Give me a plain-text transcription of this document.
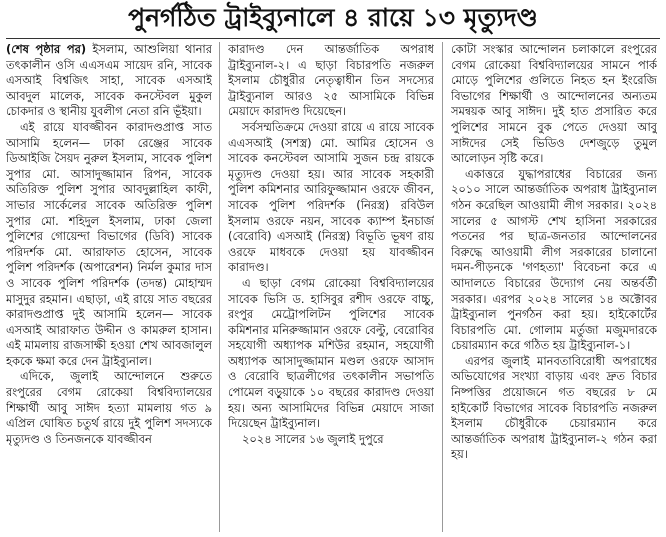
পুনর্গঠিত ট্রাইব্যুনালে ৪ রায়ে ১৩ মৃত্যুদণ্ড

(শেষ পৃষ্ঠার পর) ইসলাম, আশুলিয়া থানার তৎকালীন ওসি এএসএম সায়েদ রনি, সাবেক এসআই বিশ্বজিৎ সাহা, সাবেক এসআই আবদুল মালেক, সাবেক কনস্টেবল মুকুল চোকদার ও স্থানীয় যুবলীগ নেতা রনি ভূঁইয়া।

এই রায়ে যাবজ্জীবন কারাদণ্ডপ্রাপ্ত সাত আসামি হলেন— ঢাকা রেঞ্জের সাবেক ডিআইজি সৈয়দ নুরুল ইসলাম, সাবেক পুলিশ সুপার মো. আসাদুজ্জামান রিপন, সাবেক অতিরিক্ত পুলিশ সুপার আবদুল্লাহিল কাফী, সাভার সার্কেলের সাবেক অতিরিক্ত পুলিশ সুপার মো. শহিদুল ইসলাম, ঢাকা জেলা পুলিশের গোয়েন্দা বিভাগের (ডিবি) সাবেক পরিদর্শক মো. আরাফাত হোসেন, সাবেক পুলিশ পরিদর্শক (অপারেশন) নির্মল কুমার দাস ও সাবেক পুলিশ পরিদর্শক (তদন্ত) মোহাম্মদ মাসুদুর রহমান। এছাড়া, এই রায়ে সাত বছরের কারাদণ্ডপ্রাপ্ত দুই আসামি হলেন— সাবেক এসআই আরাফাত উদ্দীন ও কামরুল হাসান। এই মামলায় রাজসাক্ষী হওয়া শেখ আবজালুল হককে ক্ষমা করে দেন ট্রাইব্যুনাল।

এদিকে, জুলাই আন্দোলনে শুরুতে রংপুরের বেগম রোকেয়া বিশ্ববিদ্যালয়ের শিক্ষার্থী আবু সাঈদ হত্যা মামলায় গত ৯ এপ্রিল ঘোষিত চতুর্থ রায়ে দুই পুলিশ সদস্যকে মৃত্যুদণ্ড ও তিনজনকে যাবজ্জীবন

কারাদণ্ড দেন আন্তর্জাতিক অপরাধ ট্রাইব্যুনাল-২। এ ছাড়া বিচারপতি নজরুল ইসলাম চৌধুরীর নেতৃত্বাধীন তিন সদস্যের ট্রাইব্যুনাল আরও ২৫ আসামিকে বিভিন্ন মেয়াদে কারাদণ্ড দিয়েছেন।

সর্বসম্মতিক্রমে দেওয়া রায়ে এ রায়ে সাবেক এএসআই (সশস্ত্র) মো. আমির হোসেন ও সাবেক কনস্টেবল আসামি সুজন চন্দ্র রায়কে মৃত্যুদণ্ড দেওয়া হয়। আর সাবেক সহকারী পুলিশ কমিশনার আরিফুজ্জামান ওরফে জীবন, সাবেক পুলিশ পরিদর্শক (নিরস্ত্র) রবিউল ইসলাম ওরফে নয়ন, সাবেক ক্যাম্প ইনচার্জ (বেরোবি) এসআই (নিরস্ত্র) বিভূতি ভূষণ রায় ওরফে মাধবকে দেওয়া হয় যাবজ্জীবন কারাদণ্ড।

এ ছাড়া বেগম রোকেয়া বিশ্ববিদ্যালয়ের সাবেক ভিসি ড. হাসিবুর রশীদ ওরফে বাচ্চু, রংপুর মেট্রোপলিটন পুলিশের সাবেক কমিশনার মনিরুজ্জামান ওরফে বেল্টু, বেরোবির সহযোগী অধ্যাপক মশিউর রহমান, সহযোগী অধ্যাপক আসাদুজ্জামান মণ্ডল ওরফে আসাদ ও বেরোবি ছাত্রলীগের তৎকালীন সভাপতি পোমেল বড়ুয়াকে ১০ বছরের কারাদণ্ড দেওয়া হয়। অন্য আসামিদের বিভিন্ন মেয়াদে সাজা দিয়েছেন ট্রাইব্যুনাল।

২০২৪ সালের ১৬ জুলাই দুপুরে

কোটা সংস্কার আন্দোলন চলাকালে রংপুরের বেগম রোকেয়া বিশ্ববিদ্যালয়ের সামনে পার্ক মোড়ে পুলিশের গুলিতে নিহত হন ইংরেজি বিভাগের শিক্ষার্থী ও আন্দোলনের অন্যতম সমন্বয়ক আবু সাঈদ। দুই হাত প্রসারিত করে পুলিশের সামনে বুক পেতে দেওয়া আবু সাঈদের সেই ভিডিও দেশজুড়ে তুমুল আলোড়ন সৃষ্টি করে।

একাত্তরে যুদ্ধাপরাধের বিচারের জন্য ২০১০ সালে আন্তর্জাতিক অপরাধ ট্রাইব্যুনাল গঠন করেছিল আওয়ামী লীগ সরকার। ২০২৪ সালের ৫ আগস্ট শেখ হাসিনা সরকারের পতনের পর ছাত্র-জনতার আন্দোলনের বিরুদ্ধে আওয়ামী লীগ সরকারের চালানো দমন-পীড়নকে 'গণহত্যা' বিবেচনা করে এ আদালতে বিচারের উদ্যোগ নেয় অন্তর্বর্তী সরকার। এরপর ২০২৪ সালের ১৪ অক্টোবর ট্রাইব্যুনাল পুনর্গঠন করা হয়। হাইকোর্টের বিচারপতি মো. গোলাম মর্তুজা মজুমদারকে চেয়ারম্যান করে গঠিত হয় ট্রাইব্যুনাল-১।

এরপর জুলাই মানবতাবিরোধী অপরাধের অভিযোগের সংখ্যা বাড়ায় এবং দ্রুত বিচার নিষ্পত্তির প্রয়োজনে গত বছরের ৮ মে হাইকোর্ট বিভাগের সাবেক বিচারপতি নজরুল ইসলাম চৌধুরীকে চেয়ারম্যান করে আন্তর্জাতিক অপরাধ ট্রাইব্যুনাল-২ গঠন করা হয়।
